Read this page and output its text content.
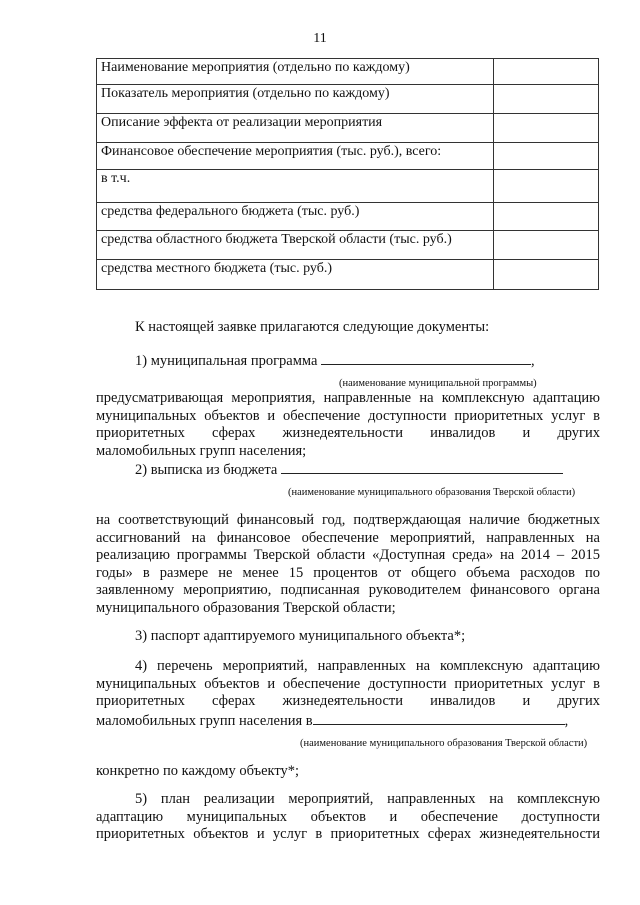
11
Наименование мероприятия (отдельно по каждому)	
Показатель мероприятия (отдельно по каждому)	
Описание эффекта от реализации мероприятия	
Финансовое обеспечение мероприятия (тыс. руб.), всего:	
в т.ч.	
средства федерального бюджета (тыс. руб.)	
средства областного бюджета Тверской области (тыс. руб.)	
средства местного бюджета (тыс. руб.)	
К настоящей заявке прилагаются следующие документы:
1) муниципальная программа	,
(наименование муниципальной программы)
предусматривающая мероприятия, направленные на комплексную адаптацию
муниципальных объектов и обеспечение доступности приоритетных услуг в
приоритетных сферах жизнедеятельности инвалидов и других
маломобильных групп населения;
2) выписка из бюджета
(наименование муниципального образования Тверской области)
на соответствующий финансовый год, подтверждающая наличие бюджетных
ассигнований на финансовое обеспечение мероприятий, направленных на
реализацию программы Тверской области «Доступная среда» на 2014 – 2015
годы» в размере не менее 15 процентов от общего объема расходов по
заявленному мероприятию, подписанная руководителем финансового органа
муниципального образования Тверской области;
3) паспорт адаптируемого муниципального объекта*;
4) перечень мероприятий, направленных на комплексную адаптацию
муниципальных объектов и обеспечение доступности приоритетных услуг в
приоритетных сферах жизнедеятельности инвалидов и других
маломобильных групп населения в	,
(наименование муниципального образования Тверской области)
конкретно по каждому объекту*;
5) план реализации мероприятий, направленных на комплексную
адаптацию муниципальных объектов и обеспечение доступности
приоритетных объектов и услуг в приоритетных сферах жизнедеятельности
